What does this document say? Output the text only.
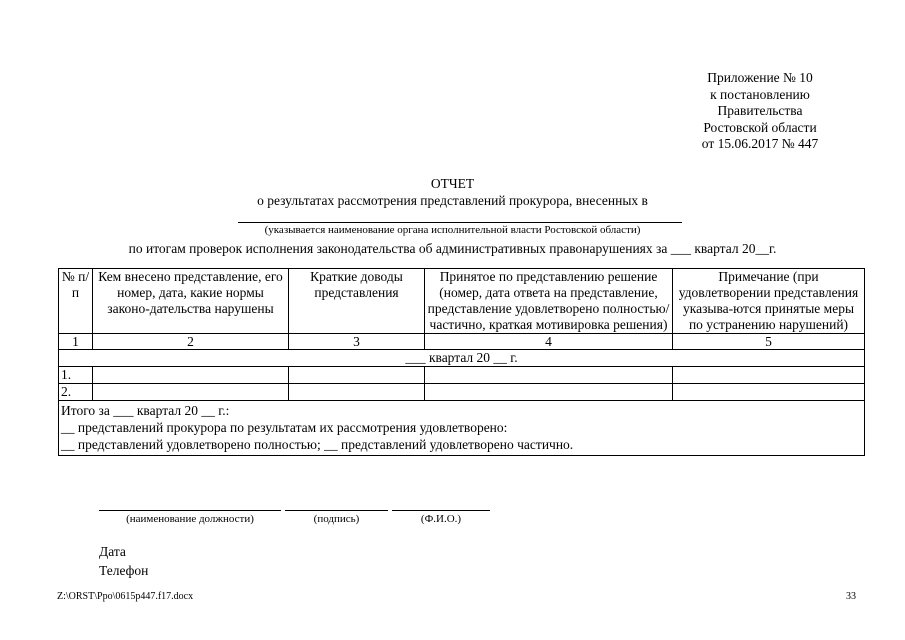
Приложение № 10
к постановлению
Правительства
Ростовской области
от 15.06.2017 № 447
ОТЧЕТ
о результатах рассмотрения представлений прокурора, внесенных в
(указывается наименование органа исполнительной власти Ростовской области)
по итогам проверок исполнения законодательства об административных правонарушениях за ___ квартал 20__г.
№ п/п	Кем внесено представление, его номер, дата, какие нормы законо-дательства нарушены	Краткие доводы представления	Принятое по представлению решение (номер, дата ответа на представление, представление удовлетворено полностью/частично, краткая мотивировка решения)	Примечание (при удовлетворении представления указыва-ются принятые меры по устранению нарушений)
1	2	3	4	5
___ квартал 20 __ г.				
1.				
2.				

Итого за ___ квартал 20 __ г.:
__ представлений прокурора по результатам их рассмотрения удовлетворено:
__ представлений удовлетворено полностью; __ представлений удовлетворено частично.				
(наименование должности)	(подпись)	(Ф.И.О.)
Дата
Телефон
Z:\ORST\Ppo\0615p447.f17.docx	33
